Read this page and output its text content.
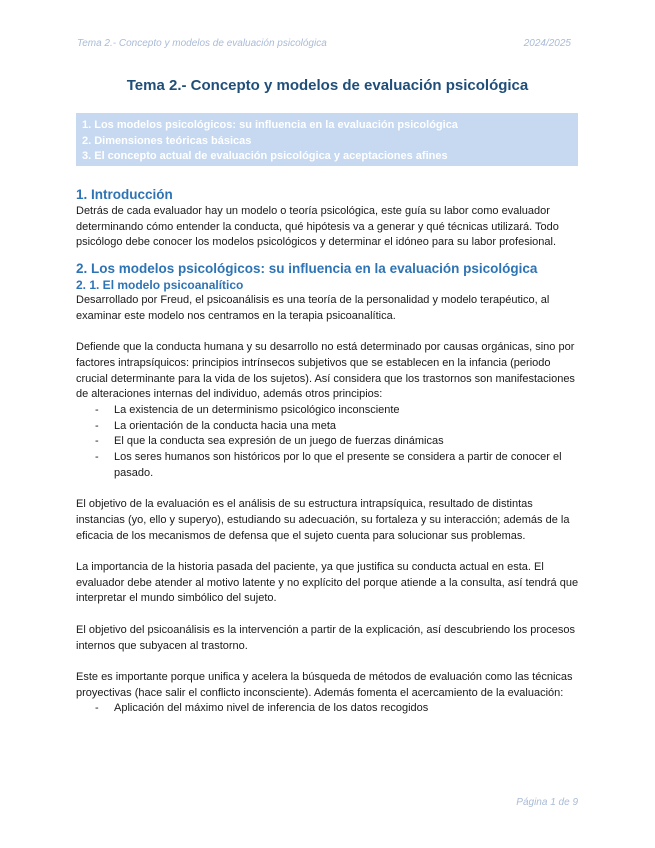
Tema 2.- Concepto y modelos de evaluación psicológica	2024/2025
Tema 2.- Concepto y modelos de evaluación psicológica
1. Los modelos psicológicos: su influencia en la evaluación psicológica
2. Dimensiones teóricas básicas
3. El concepto actual de evaluación psicológica y aceptaciones afines
1. Introducción

Detrás de cada evaluador hay un modelo o teoría psicológica, este guía su labor como evaluador determinando cómo entender la conducta, qué hipótesis va a generar y qué técnicas utilizará. Todo psicólogo debe conocer los modelos psicológicos y determinar el idóneo para su labor profesional.

2. Los modelos psicológicos: su influencia en la evaluación psicológica
2. 1. El modelo psicoanalítico

Desarrollado por Freud, el psicoanálisis es una teoría de la personalidad y modelo terapéutico, al examinar este modelo nos centramos en la terapia psicoanalítica.

Defiende que la conducta humana y su desarrollo no está determinado por causas orgánicas, sino por factores intrapsíquicos: principios intrínsecos subjetivos que se establecen en la infancia (periodo crucial determinante para la vida de los sujetos). Así considera que los trastornos son manifestaciones de alteraciones internas del individuo, además otros principios:

- La existencia de un determinismo psicológico inconsciente
- La orientación de la conducta hacia una meta
- El que la conducta sea expresión de un juego de fuerzas dinámicas
- Los seres humanos son históricos por lo que el presente se considera a partir de conocer el pasado.

El objetivo de la evaluación es el análisis de su estructura intrapsíquica, resultado de distintas instancias (yo, ello y superyo), estudiando su adecuación, su fortaleza y su interacción; además de la eficacia de los mecanismos de defensa que el sujeto cuenta para solucionar sus problemas.

La importancia de la historia pasada del paciente, ya que justifica su conducta actual en esta. El evaluador debe atender al motivo latente y no explícito del porque atiende a la consulta, así tendrá que interpretar el mundo simbólico del sujeto.

El objetivo del psicoanálisis es la intervención a partir de la explicación, así descubriendo los procesos internos que subyacen al trastorno.

Este es importante porque unifica y acelera la búsqueda de métodos de evaluación como las técnicas proyectivas (hace salir el conflicto inconsciente). Además fomenta el acercamiento de la evaluación:

- Aplicación del máximo nivel de inferencia de los datos recogidos
Página 1 de 9
